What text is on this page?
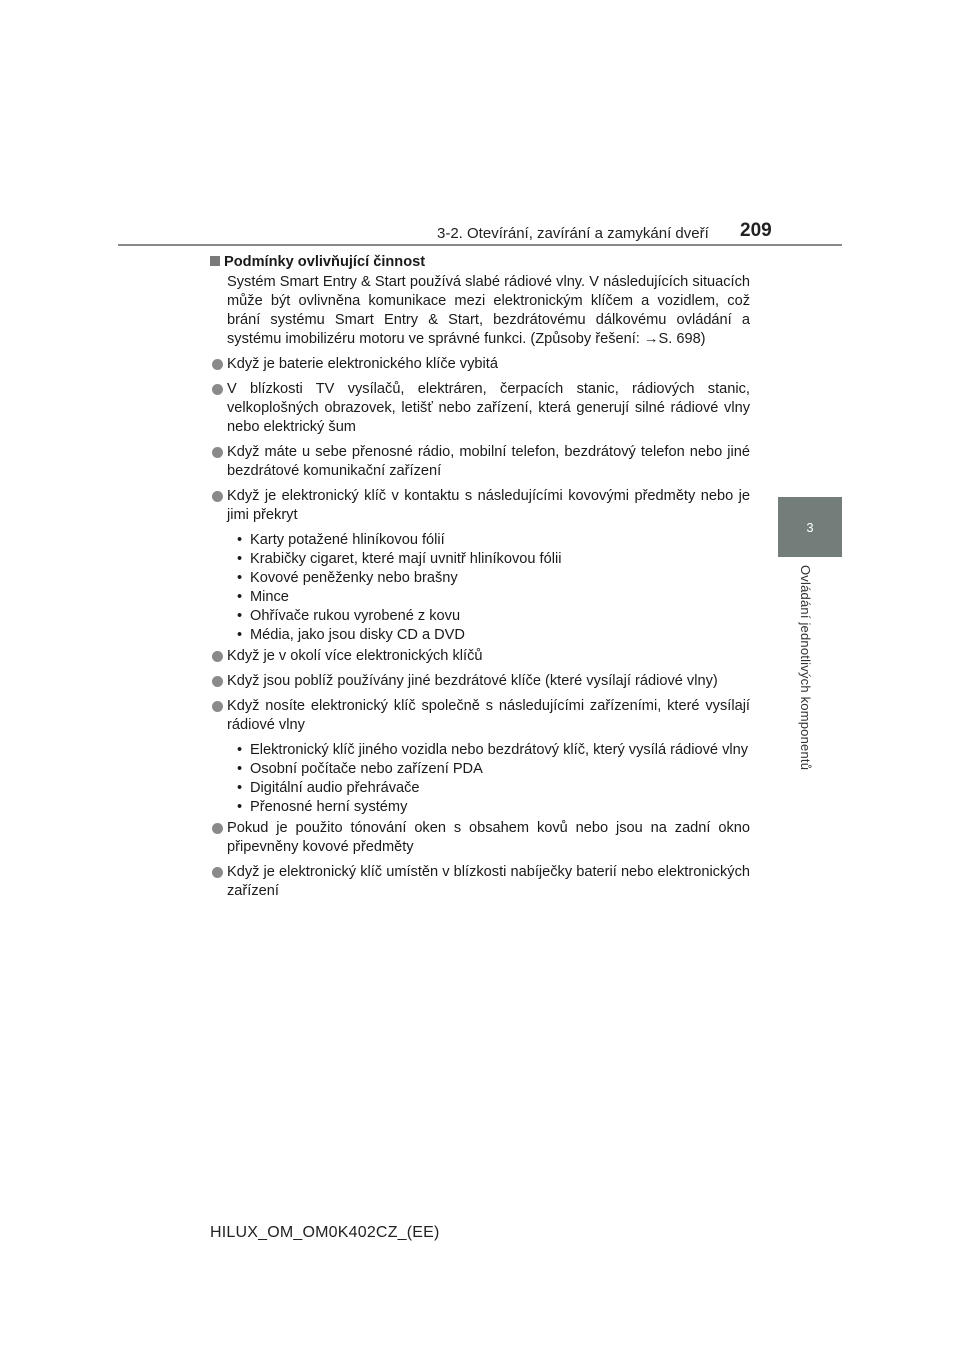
3-2. Otevírání, zavírání a zamykání dveří 209
3
Ovládání jednotlivých komponentů
Podmínky ovlivňující činnost
Systém Smart Entry & Start používá slabé rádiové vlny. V následujících situacích může být ovlivněna komunikace mezi elektronickým klíčem a vozidlem, což brání systému Smart Entry & Start, bezdrátovému dálkovému ovládání a systému imobilizéru motoru ve správné funkci. (Způsoby řešení: →S. 698)
Když je baterie elektronického klíče vybitá
V blízkosti TV vysílačů, elektráren, čerpacích stanic, rádiových stanic, velkoplošných obrazovek, letišť nebo zařízení, která generují silné rádiové vlny nebo elektrický šum
Když máte u sebe přenosné rádio, mobilní telefon, bezdrátový telefon nebo jiné bezdrátové komunikační zařízení
Když je elektronický klíč v kontaktu s následujícími kovovými předměty nebo je jimi překryt
• Karty potažené hliníkovou fólií
• Krabičky cigaret, které mají uvnitř hliníkovou fólii
• Kovové peněženky nebo brašny
• Mince
• Ohřívače rukou vyrobené z kovu
• Média, jako jsou disky CD a DVD
Když je v okolí více elektronických klíčů
Když jsou poblíž používány jiné bezdrátové klíče (které vysílají rádiové vlny)
Když nosíte elektronický klíč společně s následujícími zařízeními, které vysílají rádiové vlny
• Elektronický klíč jiného vozidla nebo bezdrátový klíč, který vysílá rádiové vlny
• Osobní počítače nebo zařízení PDA
• Digitální audio přehrávače
• Přenosné herní systémy
Pokud je použito tónování oken s obsahem kovů nebo jsou na zadní okno připevněny kovové předměty
Když je elektronický klíč umístěn v blízkosti nabíječky baterií nebo elektronických zařízení
HILUX_OM_OM0K402CZ_(EE)
